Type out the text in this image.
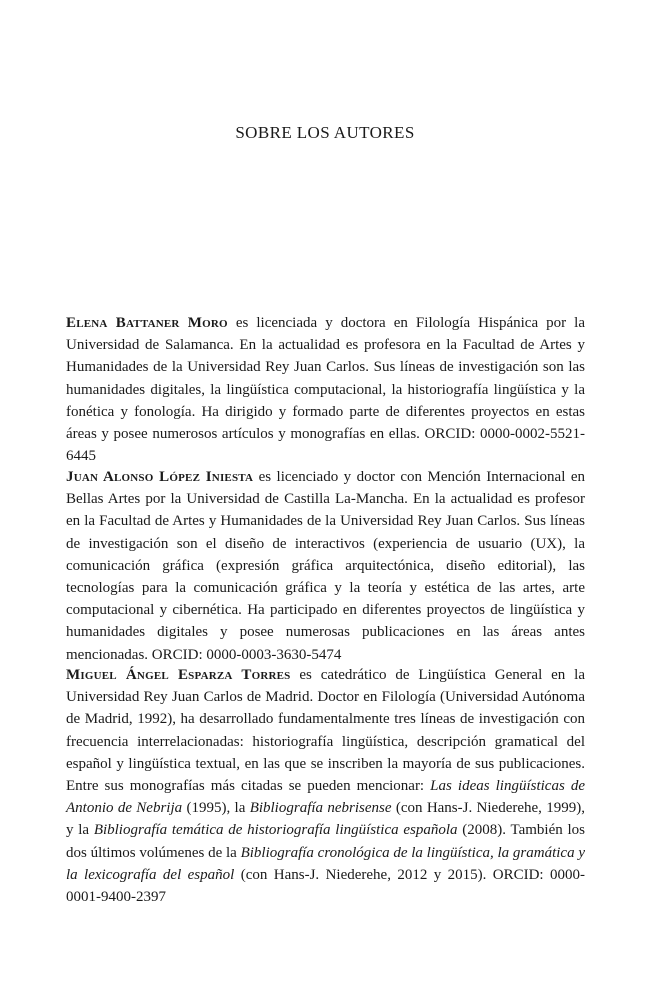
SOBRE LOS AUTORES

Elena Battaner Moro es licenciada y doctora en Filología Hispánica por la Universidad de Salamanca. En la actualidad es profesora en la Facultad de Artes y Humanidades de la Universidad Rey Juan Carlos. Sus líneas de investigación son las humanidades digitales, la lingüística computacional, la historiografía lingüística y la fonética y fonología. Ha dirigido y formado parte de diferentes proyectos en estas áreas y posee numerosos artículos y monografías en ellas. ORCID: 0000-0002-5521-6445

Juan Alonso López Iniesta es licenciado y doctor con Mención Internacional en Bellas Artes por la Universidad de Castilla La-Mancha. En la actualidad es profesor en la Facultad de Artes y Humanidades de la Universidad Rey Juan Carlos. Sus líneas de investigación son el diseño de interactivos (experiencia de usuario (UX), la comunicación gráfica (expresión gráfica arquitectónica, diseño editorial), las tecnologías para la comunicación gráfica y la teoría y estética de las artes, arte computacional y cibernética. Ha participado en diferentes proyectos de lingüística y humanidades digitales y posee numerosas publicaciones en las áreas antes mencionadas. ORCID: 0000-0003-3630-5474

Miguel Ángel Esparza Torres es catedrático de Lingüística General en la Universidad Rey Juan Carlos de Madrid. Doctor en Filología (Universidad Autónoma de Madrid, 1992), ha desarrollado fundamentalmente tres líneas de investigación con frecuencia interrelacionadas: historiografía lingüística, descripción gramatical del español y lingüística textual, en las que se inscriben la mayoría de sus publicaciones. Entre sus monografías más citadas se pueden mencionar: Las ideas lingüísticas de Antonio de Nebrija (1995), la Bibliografía nebrisense (con Hans-J. Niederehe, 1999), y la Bibliografía temática de historiografía lingüística española (2008). También los dos últimos volúmenes de la Bibliografía cronológica de la lingüística, la gramática y la lexicografía del español (con Hans-J. Niederehe, 2012 y 2015). ORCID: 0000-0001-9400-2397
